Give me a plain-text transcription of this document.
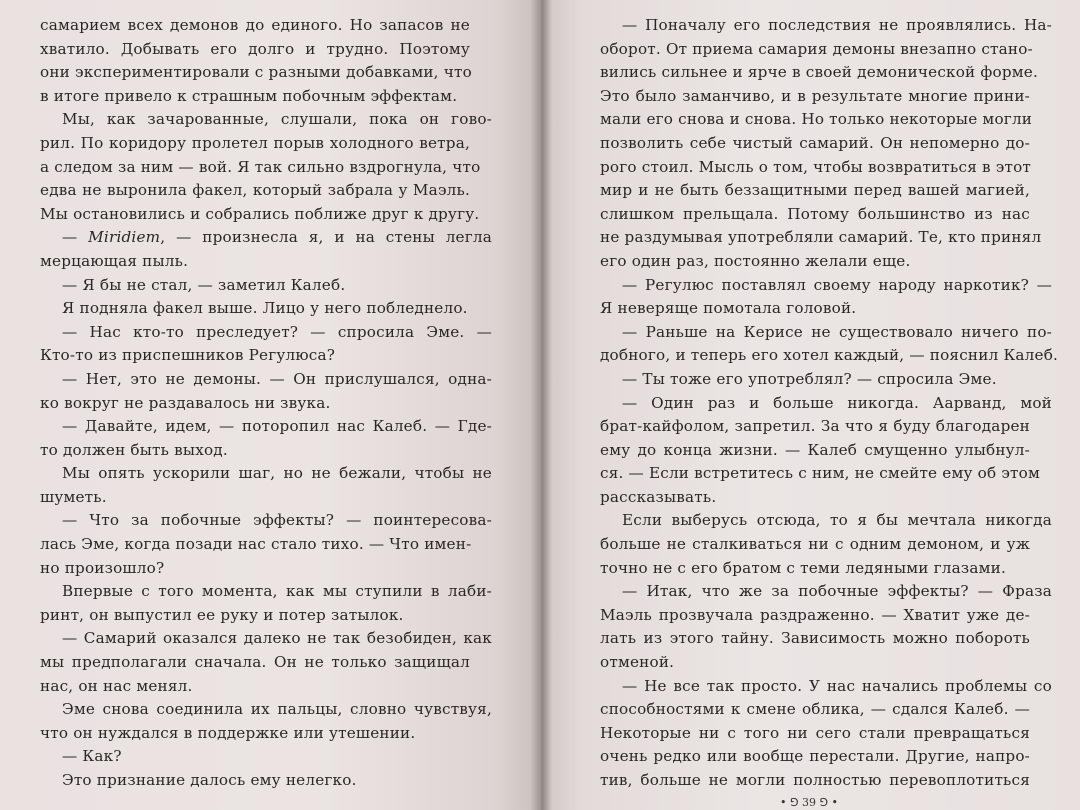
самарием всех демонов до единого. Но запасов не
хватило. Добывать его долго и трудно. Поэтому
они экспериментировали с разными добавками, что
в итоге привело к страшным побочным эффектам.
Мы, как зачарованные, слушали, пока он гово-
рил. По коридору пролетел порыв холодного ветра,
а следом за ним — вой. Я так сильно вздрогнула, что
едва не выронила факел, который забрала у Маэль.
Мы остановились и собрались поближе друг к другу.
— Miridiem, — произнесла я, и на стены легла
мерцающая пыль.
— Я бы не стал, — заметил Калеб.
Я подняла факел выше. Лицо у него побледнело.
— Нас кто-то преследует? — спросила Эме. —
Кто-то из приспешников Регулюса?
— Нет, это не демоны. — Он прислушался, одна-
ко вокруг не раздавалось ни звука.
— Давайте, идем, — поторопил нас Калеб. — Где-
то должен быть выход.
Мы опять ускорили шаг, но не бежали, чтобы не
шуметь.
— Что за побочные эффекты? — поинтересова-
лась Эме, когда позади нас стало тихо. — Что имен-
но произошло?
Впервые с того момента, как мы ступили в лаби-
ринт, он выпустил ее руку и потер затылок.
— Самарий оказался далеко не так безобиден, как
мы предполагали сначала. Он не только защищал
нас, он нас менял.
Эме снова соединила их пальцы, словно чувствуя,
что он нуждался в поддержке или утешении.
— Как?
Это признание далось ему нелегко.
— Поначалу его последствия не проявлялись. На-
оборот. От приема самария демоны внезапно стано-
вились сильнее и ярче в своей демонической форме.
Это было заманчиво, и в результате многие прини-
мали его снова и снова. Но только некоторые могли
позволить себе чистый самарий. Он непомерно до-
рого стоил. Мысль о том, чтобы возвратиться в этот
мир и не быть беззащитными перед вашей магией,
слишком прельщала. Потому большинство из нас
не раздумывая употребляли самарий. Те, кто принял
его один раз, постоянно желали еще.
— Регулюс поставлял своему народу наркотик? —
Я неверяще помотала головой.
— Раньше на Керисе не существовало ничего по-
добного, и теперь его хотел каждый, — пояснил Калеб.
— Ты тоже его употреблял? — спросила Эме.
— Один раз и больше никогда. Аарванд, мой
брат-кайфолом, запретил. За что я буду благодарен
ему до конца жизни. — Калеб смущенно улыбнул-
ся. — Если встретитесь с ним, не смейте ему об этом
рассказывать.
Если выберусь отсюда, то я бы мечтала никогда
больше не сталкиваться ни с одним демоном, и уж
точно не с его братом с теми ледяными глазами.
— Итак, что же за побочные эффекты? — Фраза
Маэль прозвучала раздраженно. — Хватит уже де-
лать из этого тайну. Зависимость можно побороть
отменой.
— Не все так просто. У нас начались проблемы со
способностями к смене облика, — сдался Калеб. —
Некоторые ни с того ни сего стали превращаться
очень редко или вообще перестали. Другие, напро-
тив, больше не могли полностью перевоплотиться
• ⅁ 39 ⅁ •
